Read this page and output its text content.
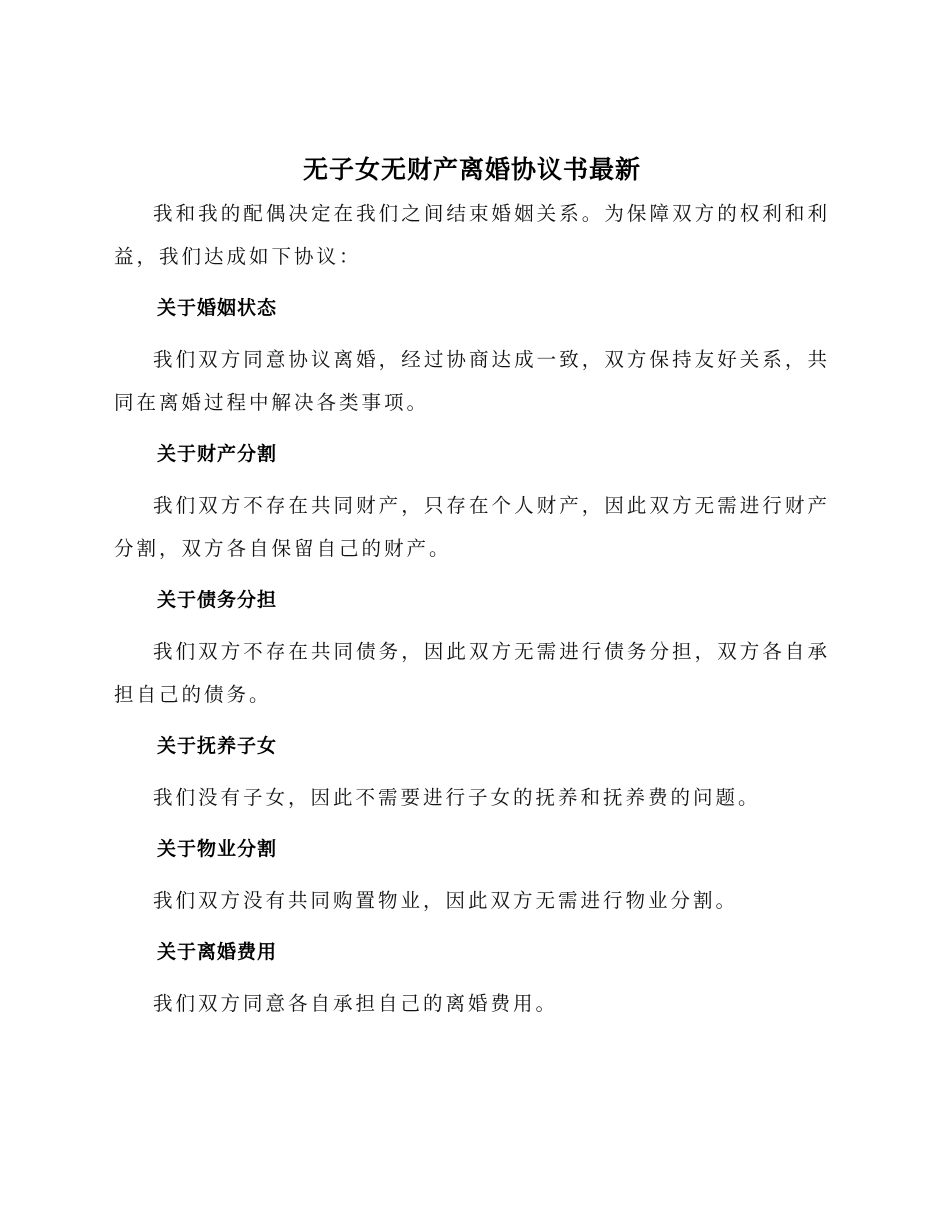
无子女无财产离婚协议书最新

我和我的配偶决定在我们之间结束婚姻关系。为保障双方的权利和利益，我们达成如下协议：

关于婚姻状态

我们双方同意协议离婚，经过协商达成一致，双方保持友好关系，共同在离婚过程中解决各类事项。

关于财产分割

我们双方不存在共同财产，只存在个人财产，因此双方无需进行财产分割，双方各自保留自己的财产。

关于债务分担

我们双方不存在共同债务，因此双方无需进行债务分担，双方各自承担自己的债务。

关于抚养子女

我们没有子女，因此不需要进行子女的抚养和抚养费的问题。

关于物业分割

我们双方没有共同购置物业，因此双方无需进行物业分割。

关于离婚费用

我们双方同意各自承担自己的离婚费用。
